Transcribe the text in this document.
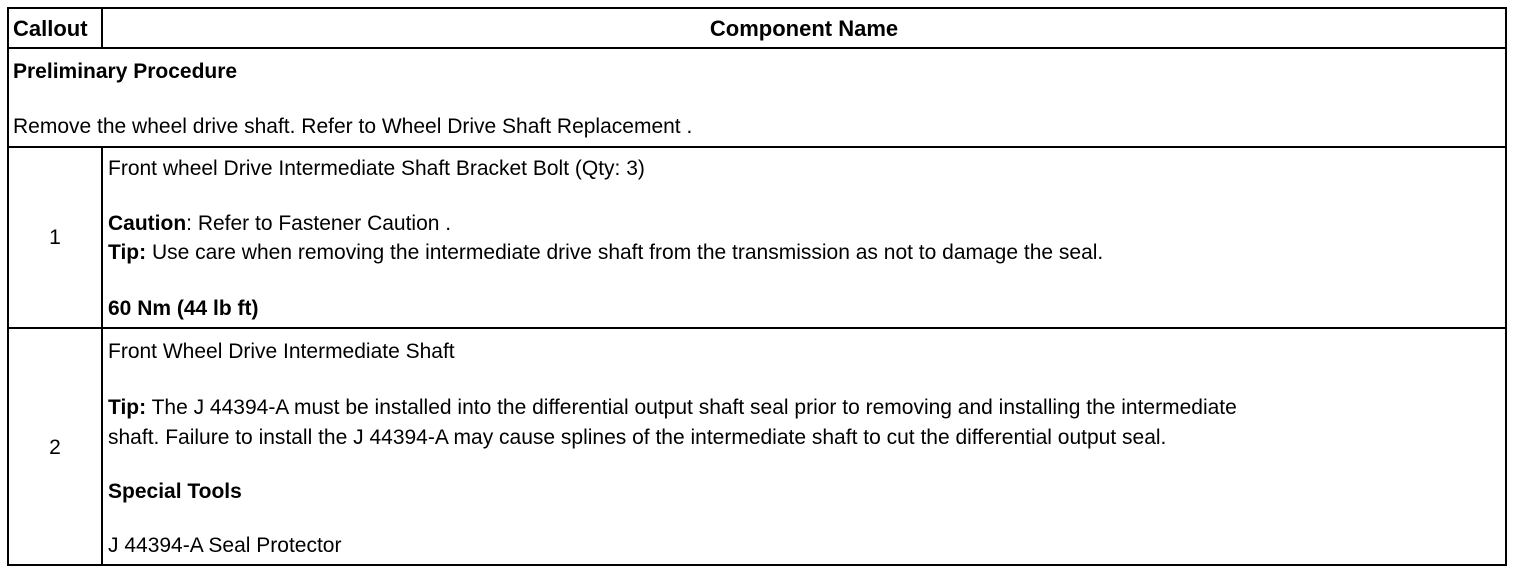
Callout	Component Name
Preliminary Procedure
Remove the wheel drive shaft. Refer to Wheel Drive Shaft Replacement .
1
Front wheel Drive Intermediate Shaft Bracket Bolt (Qty: 3)
Caution: Refer to Fastener Caution .
Tip: Use care when removing the intermediate drive shaft from the transmission as not to damage the seal.
60 Nm (44 lb ft)
2
Front Wheel Drive Intermediate Shaft
Tip: The J 44394-A must be installed into the differential output shaft seal prior to removing and installing the intermediate
shaft. Failure to install the J 44394-A may cause splines of the intermediate shaft to cut the differential output seal.
Special Tools
J 44394-A Seal Protector
